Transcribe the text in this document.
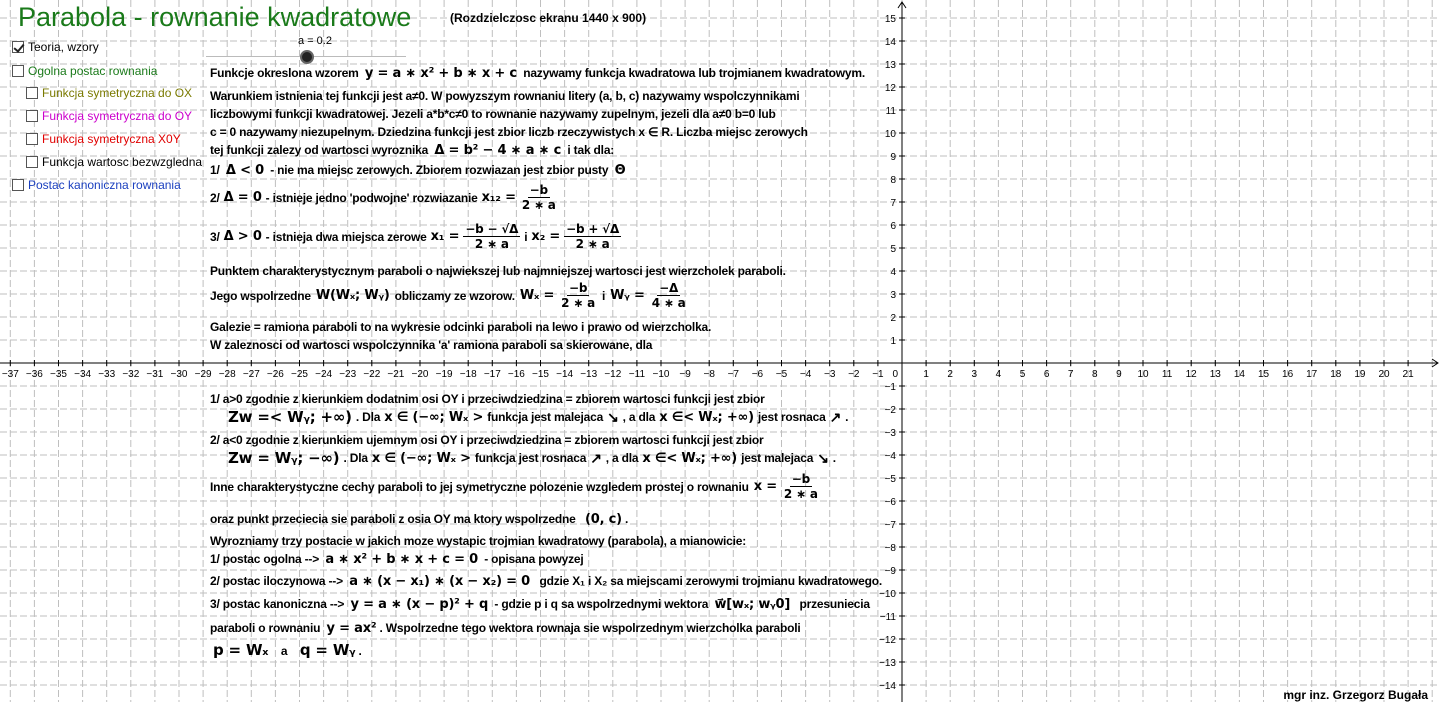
−37 −36 −35 −34 −33 −32 −31 −30 −29 −28 −27 −26 −25 −24 −23 −22 −21 −20 −19 −18 −17 −16 −15 −14 −13 −12 −11 −10 −9 −8 −7 −6 −5 −4 −3 −2 −1	1 2 3 4 5 6 7 8 9 10 11 12 13 14 15 16 17 18 19 20 21
0
15
14
13
12
11
10
9
8
7
6
5
4
3
2
1
−1
−2
−3
−4
−5
−6
−7
−8
−9
−10
−11
−12
−13
−14
Parabola - rownanie kwadratowe	(Rozdzielczosc ekranu 1440 x 900)
Teoria, wzory
Ogolna postac rownania
Funkcja symetryczna do OX
Funkcja symetryczna do OY
Funkcja symetryczna X0Y
Funkcja wartosc bezwzgledna
Postac kanoniczna rownania
a = 0.2
Funkcje okreslona wzorem y = a ∗ x² + b ∗ x + c nazywamy funkcja kwadratowa lub trojmianem kwadratowym.
Warunkiem istnienia tej funkcji jest a≠0. W powyzszym rownaniu litery (a, b, c) nazywamy wspolczynnikami
liczbowymi funkcji kwadratowej. Jezeli a*b*c≠0 to rownanie nazywamy zupelnym, jezeli dla a≠0 b=0 lub
c = 0 nazywamy niezupelnym. Dziedzina funkcji jest zbior liczb rzeczywistych x ∈ R. Liczba miejsc zerowych
tej funkcji zalezy od wartosci wyroznika Δ = b² − 4 ∗ a ∗ c i tak dla:
1/ Δ < 0 - nie ma miejsc zerowych. Zbiorem rozwiazan jest zbior pusty Θ
2/ Δ = 0 - istnieje jedno 'podwojne' rozwiazanie $x_{12} = \frac{-b}{2 ∗ a}$
3/ Δ > 0 - istnieja dwa miejsca zerowe $x_1 = \frac{-b - √\Delta}{2 ∗ a}$ i $x_2 = \frac{-b + √\Delta}{2 ∗ a}$
Punktem charakterystycznym paraboli o najwiekszej lub najmniejszej wartosci jest wierzcholek paraboli.
Jego wspolrzedne W(Wₓ; Wᵧ) obliczamy ze wzorow. $W_x = \frac{-b}{2 ∗ a}$ i Wᵧ = $\frac{-\Delta}{4 ∗ a}$
Galezie = ramiona paraboli to na wykresie odcinki paraboli na lewo i prawo od wierzcholka.
W zaleznosci od wartosci wspolczynnika 'a' ramiona paraboli sa skierowane, dla
1/ a>0 zgodnie z kierunkiem dodatnim osi OY i przeciwdziedzina = zbiorem wartosci funkcji jest zbior
Zw =< Wᵧ; +∞) . Dla x ∈ (−∞; Wₓ > funkcja jest malejaca ↘ , a dla x ∈< Wₓ; +∞) jest rosnaca ↗ .
2/ a<0 zgodnie z kierunkiem ujemnym osi OY i przeciwdziedzina = zbiorem wartosci funkcji jest zbior
Zw = Wᵧ; −∞) . Dla x ∈ (−∞; Wₓ > funkcja jest rosnaca ↗ , a dla x ∈< Wₓ; +∞) jest malejaca ↘ .
Inne charakterystyczne cechy paraboli to jej symetryczne polozenie wzgledem prostej o rownaniu $x = \frac{-b}{2 ∗ a}$
oraz punkt przeciecia sie paraboli z osia OY ma ktory wspolrzedne (0, c) .
Wyrozniamy trzy postacie w jakich moze wystapic trojmian kwadratowy (parabola), a mianowicie:
1/ postac ogolna --> a ∗ x² + b ∗ x + c = 0 - opisana powyzej
2/ postac iloczynowa --> a ∗ (x − x₁) ∗ (x − x₂) = 0 gdzie X₁ i X₂ sa miejscami zerowymi trojmianu kwadratowego.
3/ postac kanoniczna --> y = a ∗ (x − p)² + q - gdzie p i q sa wspolrzednymi wektora w⃗[wₓ; wᵧ0] przesuniecia
paraboli o rownaniu y = ax² . Wspolrzedne tego wektora rownaja sie wspolrzednym wierzcholka paraboli
p = Wₓ a q = Wᵧ .
mgr inz. Grzegorz Bugała
